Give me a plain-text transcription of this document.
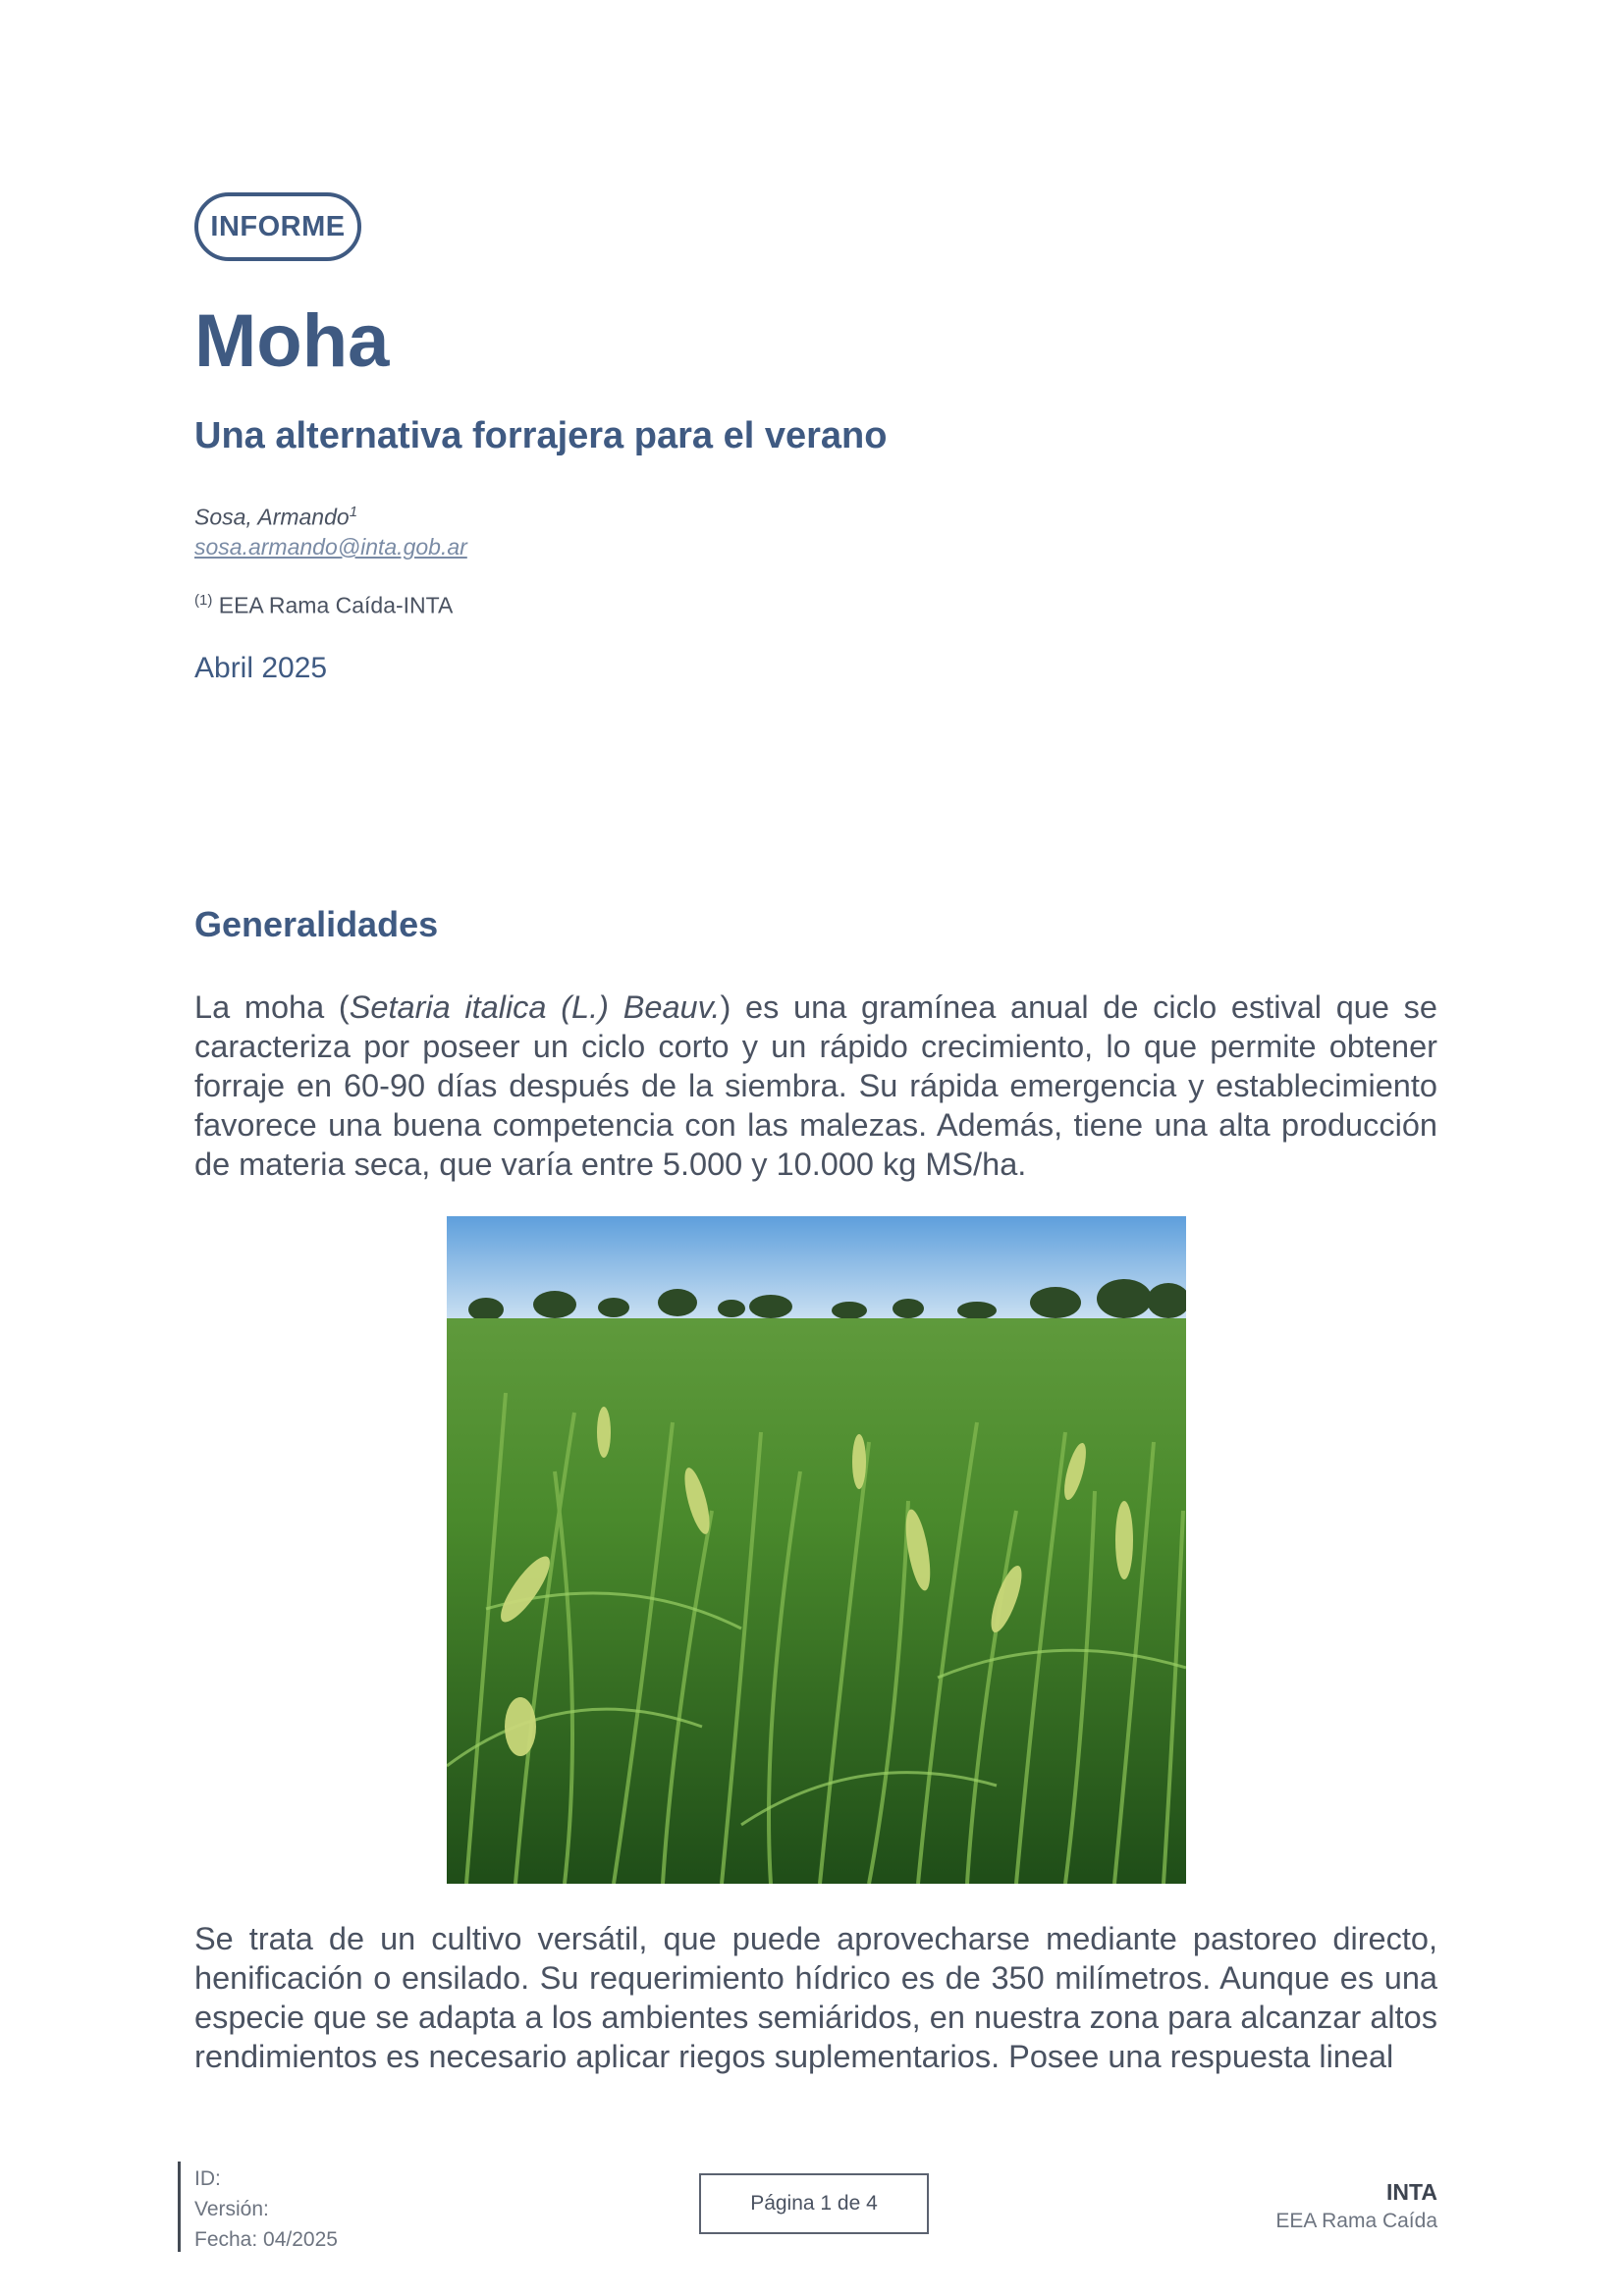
INFORME
Moha
Una alternativa forrajera para el verano
Sosa, Armando$^1$
sosa.armando@inta.gob.ar
$^{(1)}$ EEA Rama Caída-INTA
Abril 2025
Generalidades

La moha (Setaria italica (L.) Beauv.) es una gramínea anual de ciclo estival que se caracteriza por poseer un ciclo corto y un rápido crecimiento, lo que permite obtener forraje en 60-90 días después de la siembra. Su rápida emergencia y establecimiento favorece una buena competencia con las malezas. Además, tiene una alta producción de materia seca, que varía entre 5.000 y 10.000 kg MS/ha.

Se trata de un cultivo versátil, que puede aprovecharse mediante pastoreo directo, henificación o ensilado. Su requerimiento hídrico es de 350 milímetros. Aunque es una especie que se adapta a los ambientes semiáridos, en nuestra zona para alcanzar altos rendimientos es necesario aplicar riegos suplementarios. Posee una respuesta lineal

ID:
Versión:
Fecha: 04/2025
Página 1 de 4	INTA
EEA Rama Caída
